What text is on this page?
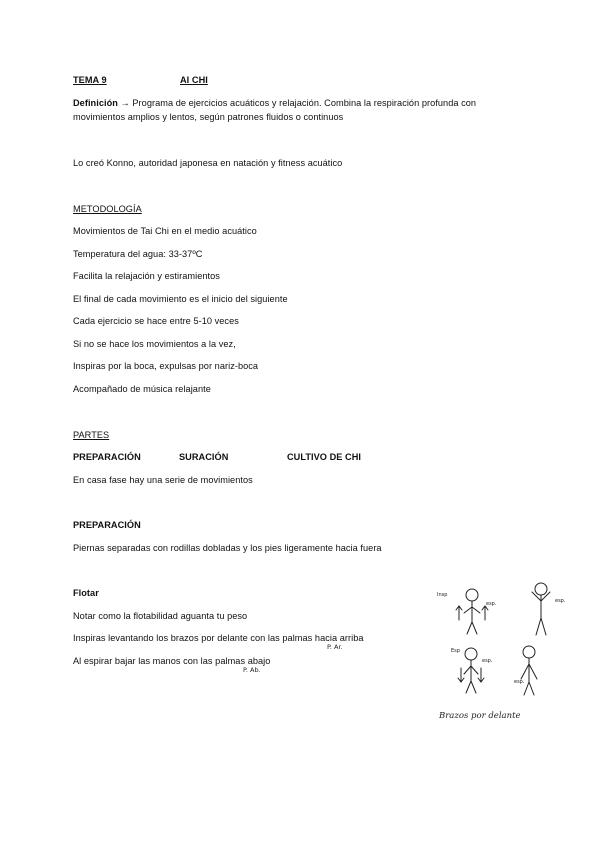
TEMA 9	AI CHI
Definición → Programa de ejercicios acuáticos y relajación. Combina la respiración profunda con
movimientos amplios y lentos, según patrones fluidos o continuos
Lo creó Konno, autoridad japonesa en natación y fitness acuático
METODOLOGÍA
Movimientos de Tai Chi en el medio acuático
Temperatura del agua: 33-37ºC
Facilita la relajación y estiramientos
El final de cada movimiento es el inicio del siguiente
Cada ejercicio se hace entre 5-10 veces
Si no se hace los movimientos a la vez,
Inspiras por la boca, expulsas por nariz-boca
Acompañado de música relajante
PARTES
PREPARACIÓN	SURACIÓN	CULTIVO DE CHI
En casa fase hay una serie de movimientos
PREPARACIÓN
Piernas separadas con rodillas dobladas y los pies ligeramente hacia fuera
Flotar
Notar como la flotabilidad aguanta tu peso
Inspiras levantando los brazos por delante con las palmas hacia arriba
P. Ar.
Al espirar bajar las manos con las palmas abajo
P. Ab.
Insp
esp.	esp.
Esp
esp.
esp.
Brazos por delante
